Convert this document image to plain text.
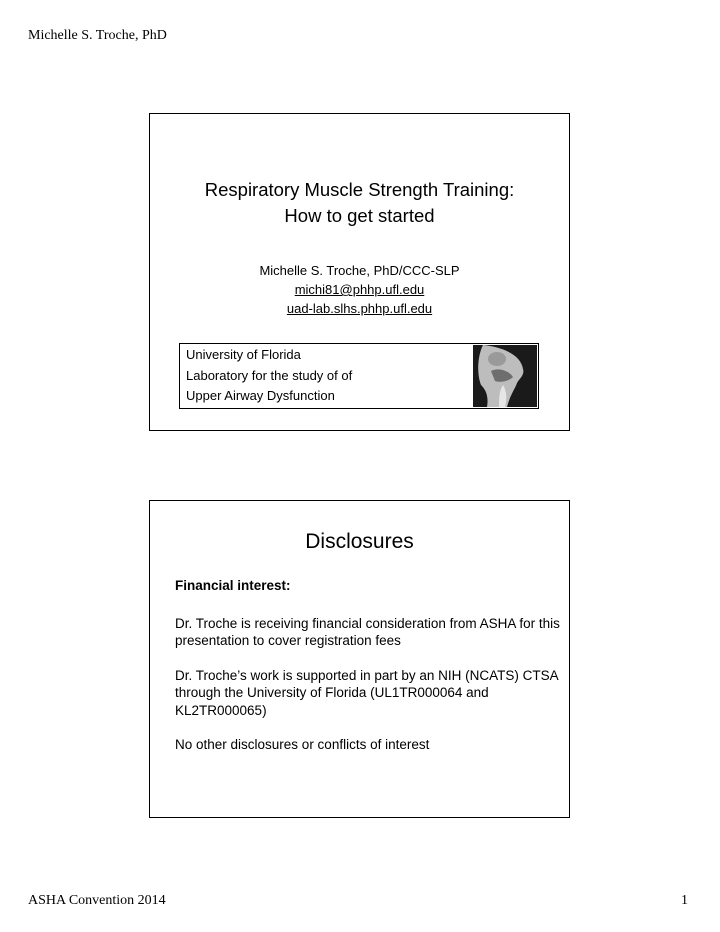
Michelle S. Troche, PhD
Respiratory Muscle Strength Training:
How to get started
Michelle S. Troche, PhD/CCC-SLP
michi81@phhp.ufl.edu
uad-lab.slhs.phhp.ufl.edu
University of Florida
Laboratory for the study of of
Upper Airway Dysfunction
Disclosures

Financial interest:

Dr. Troche is receiving financial consideration from ASHA for this presentation to cover registration fees

Dr. Troche’s work is supported in part by an NIH (NCATS) CTSA through the University of Florida (UL1TR000064 and KL2TR000065)

No other disclosures or conflicts of interest

ASHA Convention 2014	1
